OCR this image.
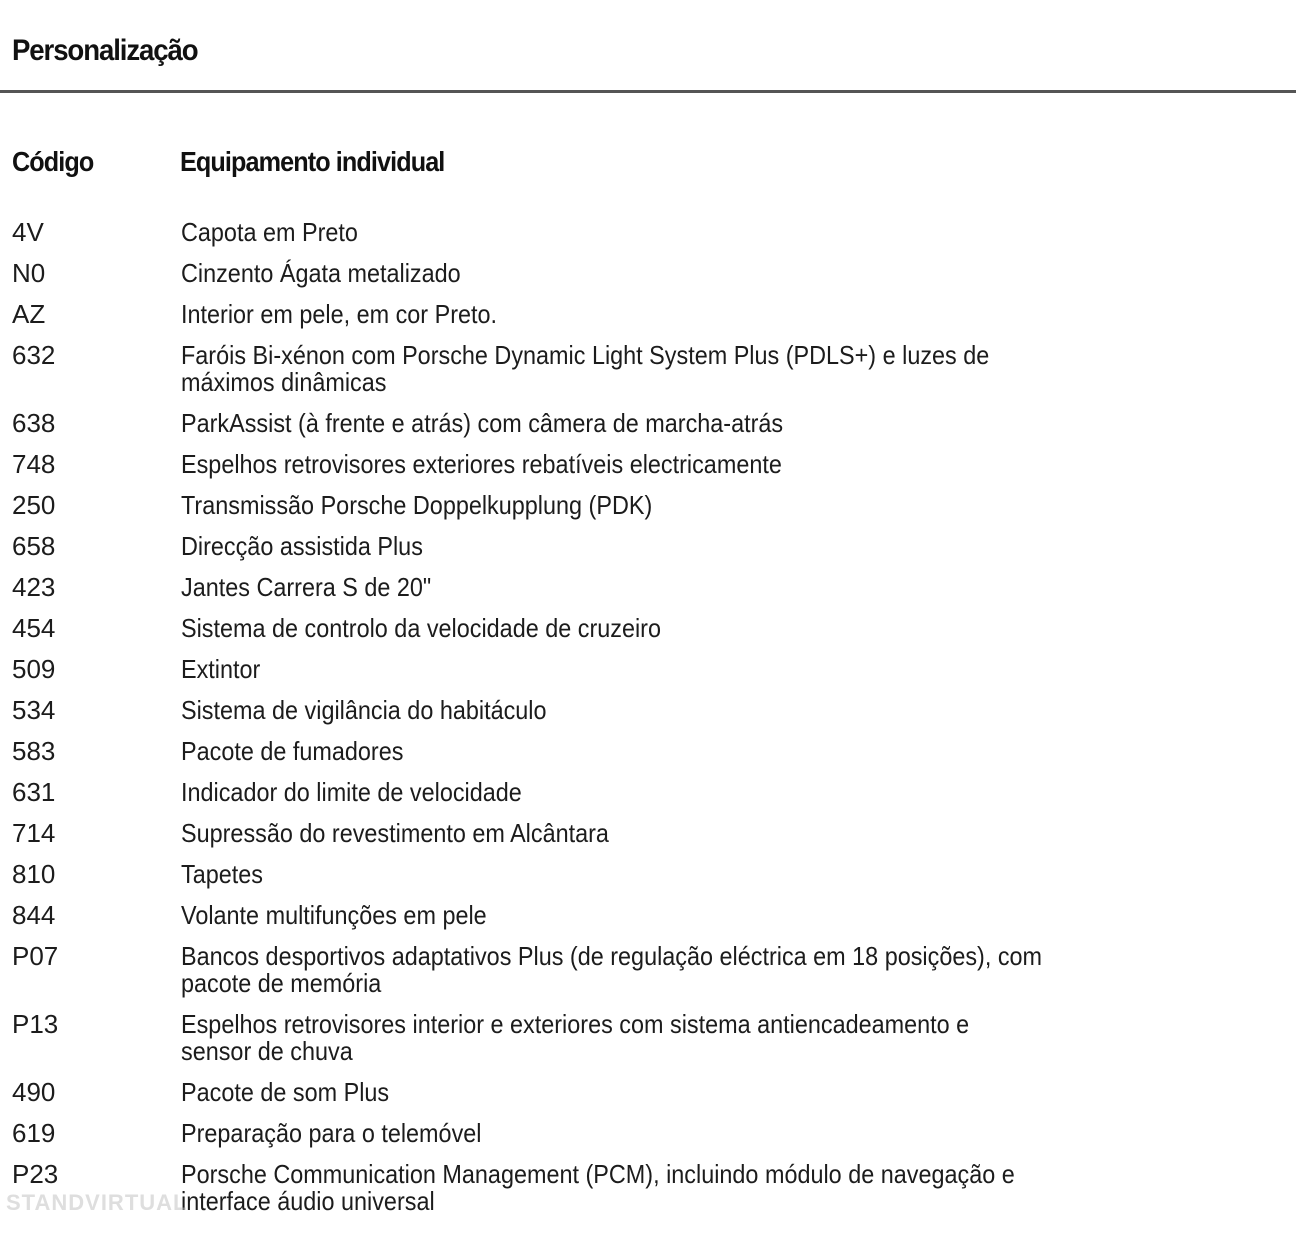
Personalização
Código	Equipamento individual
4V	Capota em Preto
N0	Cinzento Ágata metalizado
AZ	Interior em pele, em cor Preto.
632	Faróis Bi-xénon com Porsche Dynamic Light System Plus (PDLS+) e luzes de máximos dinâmicas
638	ParkAssist (à frente e atrás) com câmera de marcha-atrás
748	Espelhos retrovisores exteriores rebatíveis electricamente
250	Transmissão Porsche Doppelkupplung (PDK)
658	Direcção assistida Plus
423	Jantes Carrera S de 20"
454	Sistema de controlo da velocidade de cruzeiro
509	Extintor
534	Sistema de vigilância do habitáculo
583	Pacote de fumadores
631	Indicador do limite de velocidade
714	Supressão do revestimento em Alcântara
810	Tapetes
844	Volante multifunções em pele
P07	Bancos desportivos adaptativos Plus (de regulação eléctrica em 18 posições), com pacote de memória
P13	Espelhos retrovisores interior e exteriores com sistema antiencadeamento e sensor de chuva
490	Pacote de som Plus
619	Preparação para o telemóvel
P23	Porsche Communication Management (PCM), incluindo módulo de navegação e interface áudio universal
STANDVIRTUAL
